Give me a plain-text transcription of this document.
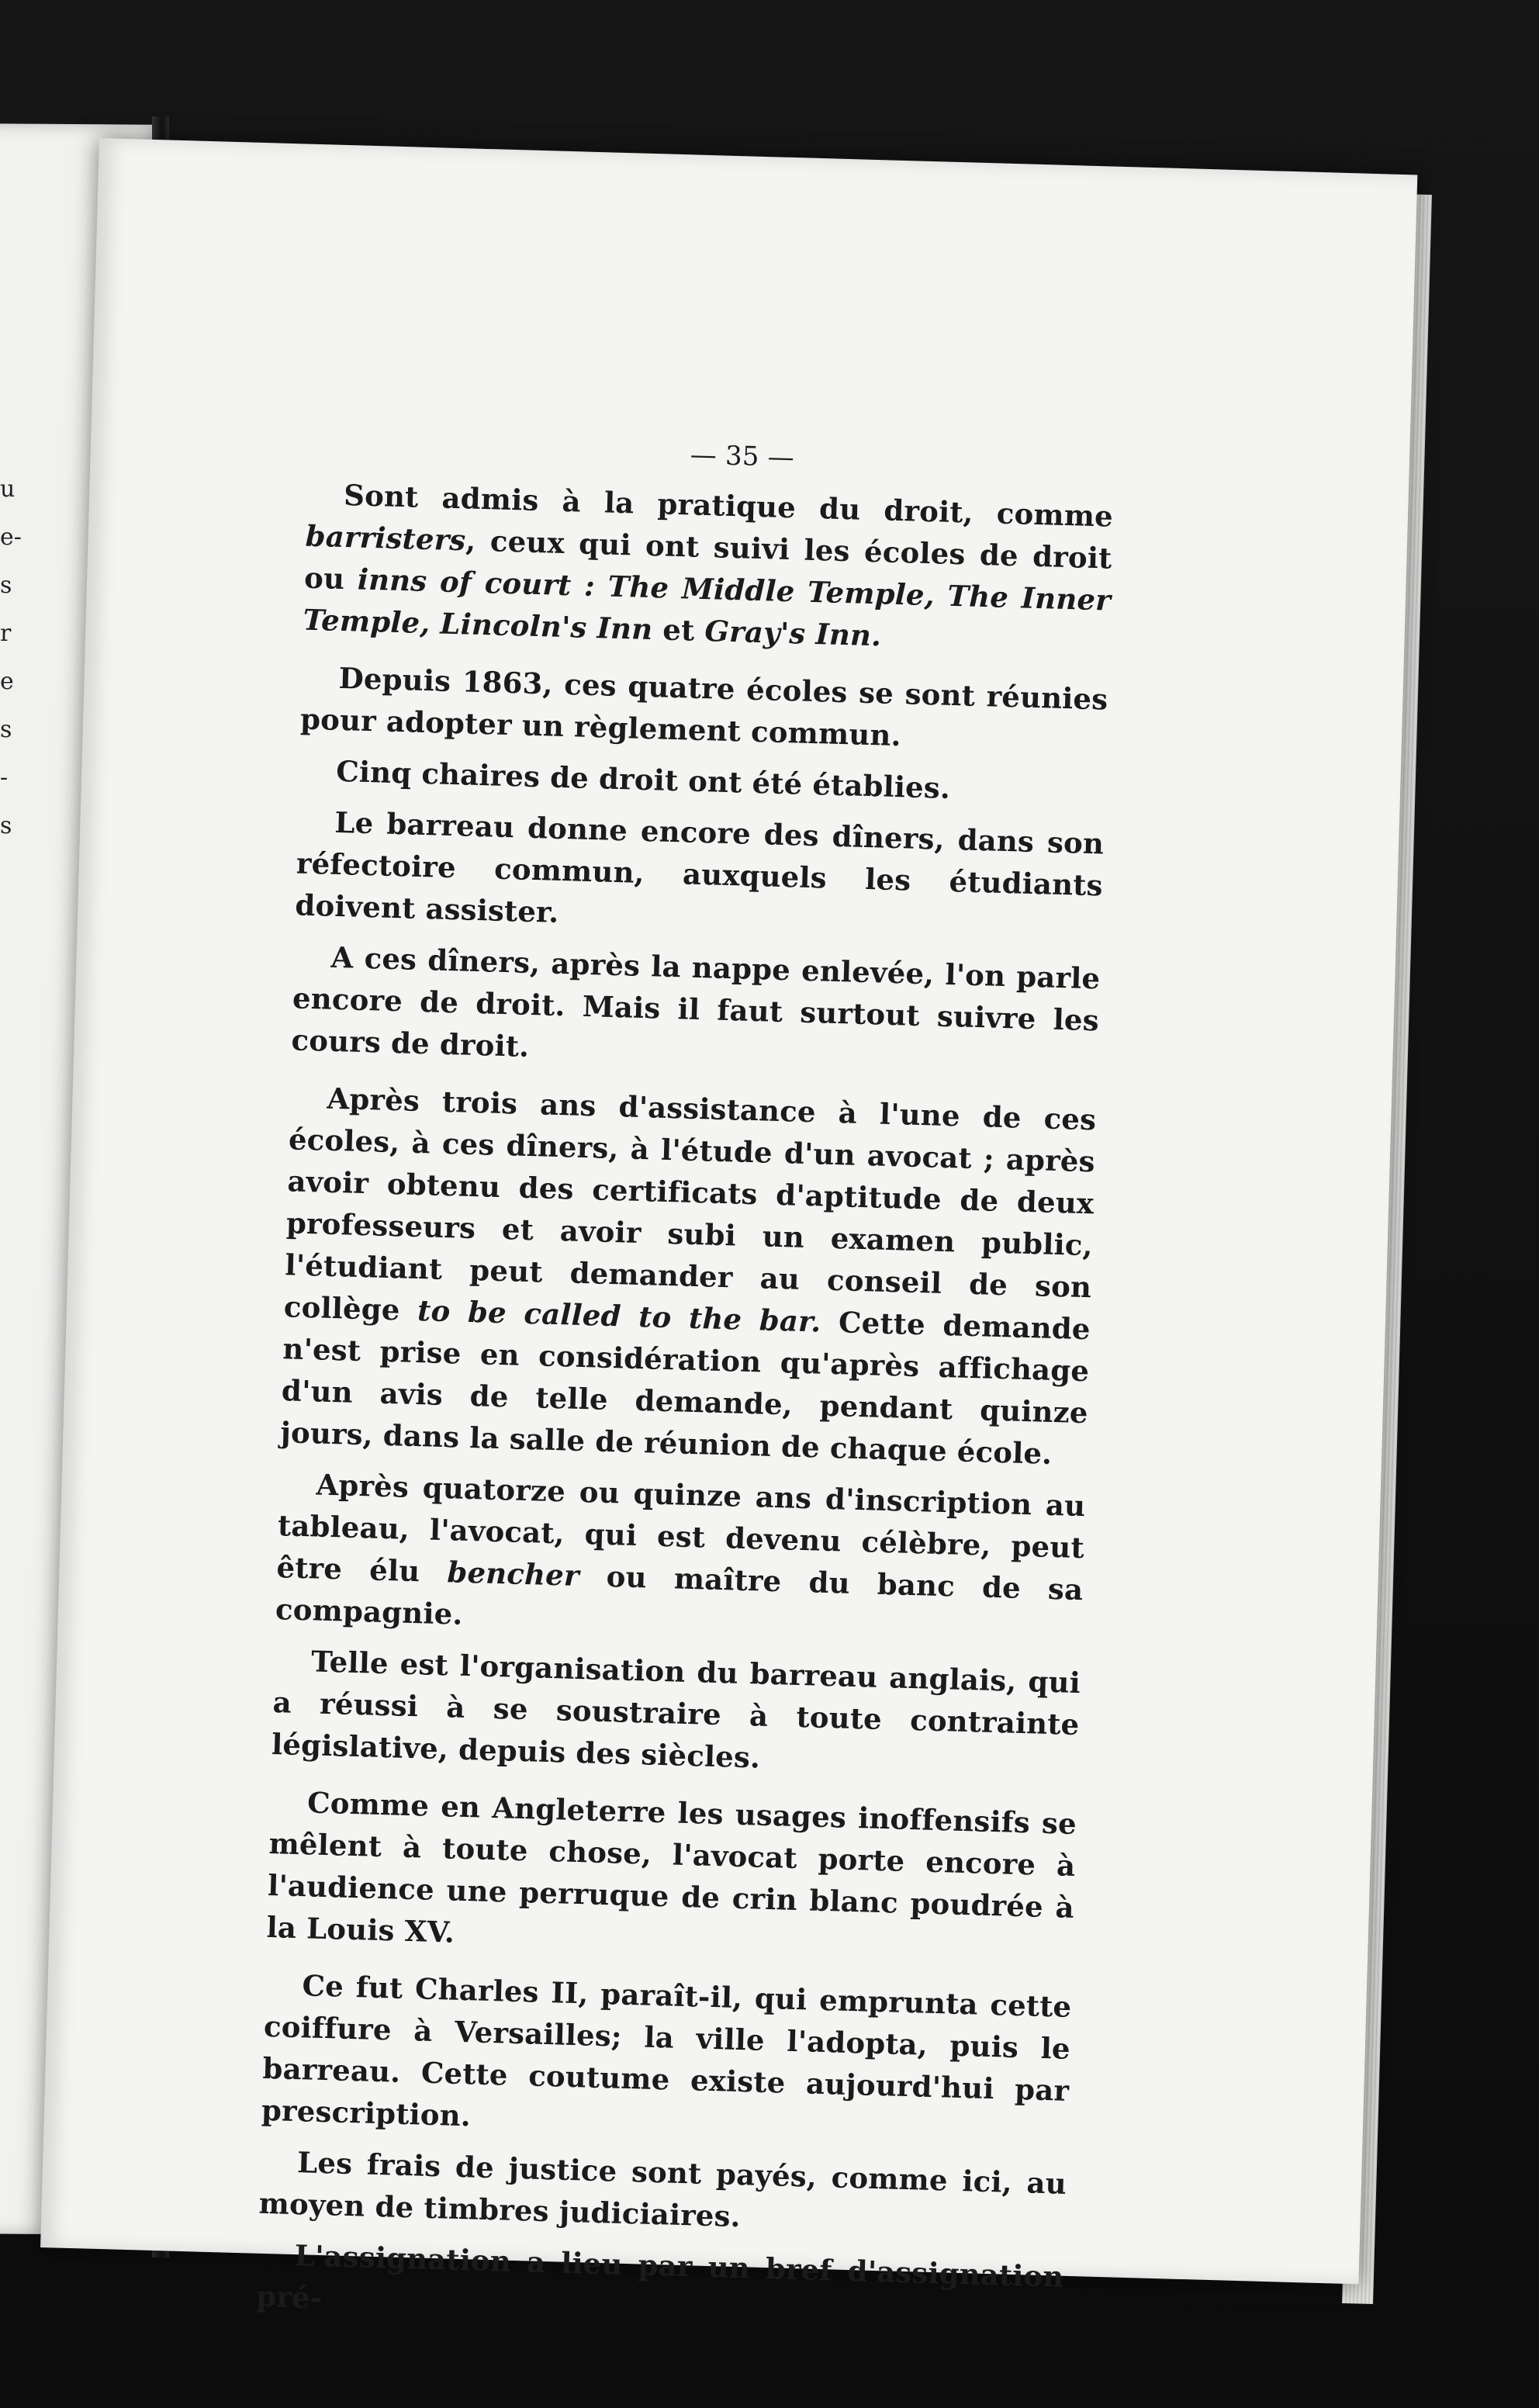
u
e-
s
r
e
s
-
s
— 35 —

Sont admis à la pratique du droit, comme barristers, ceux qui ont suivi les écoles de droit ou inns of court : The Middle Temple, The Inner Temple, Lincoln's Inn et Gray's Inn.

Depuis 1863, ces quatre écoles se sont réunies pour adopter un règlement commun.

Cinq chaires de droit ont été établies.

Le barreau donne encore des dîners, dans son réfectoire commun, auxquels les étudiants doivent assister.

A ces dîners, après la nappe enlevée, l'on parle encore de droit. Mais il faut surtout suivre les cours de droit.

Après trois ans d'assistance à l'une de ces écoles, à ces dîners, à l'étude d'un avocat ; après avoir obtenu des certificats d'aptitude de deux professeurs et avoir subi un examen public, l'étudiant peut demander au conseil de son collège to be called to the bar. Cette demande n'est prise en considération qu'après affichage d'un avis de telle demande, pendant quinze jours, dans la salle de réunion de chaque école.

Après quatorze ou quinze ans d'inscription au tableau, l'avocat, qui est devenu célèbre, peut être élu bencher ou maître du banc de sa compagnie.

Telle est l'organisation du barreau anglais, qui a réussi à se soustraire à toute contrainte législative, depuis des siècles.

Comme en Angleterre les usages inoffensifs se mêlent à toute chose, l'avocat porte encore à l'audience une perruque de crin blanc poudrée à la Louis XV.

Ce fut Charles II, paraît-il, qui emprunta cette coiffure à Versailles; la ville l'adopta, puis le barreau. Cette coutume existe aujourd'hui par prescription.

Les frais de justice sont payés, comme ici, au moyen de timbres judiciaires.

L'assignation a lieu par un bref d'assignation pré-
